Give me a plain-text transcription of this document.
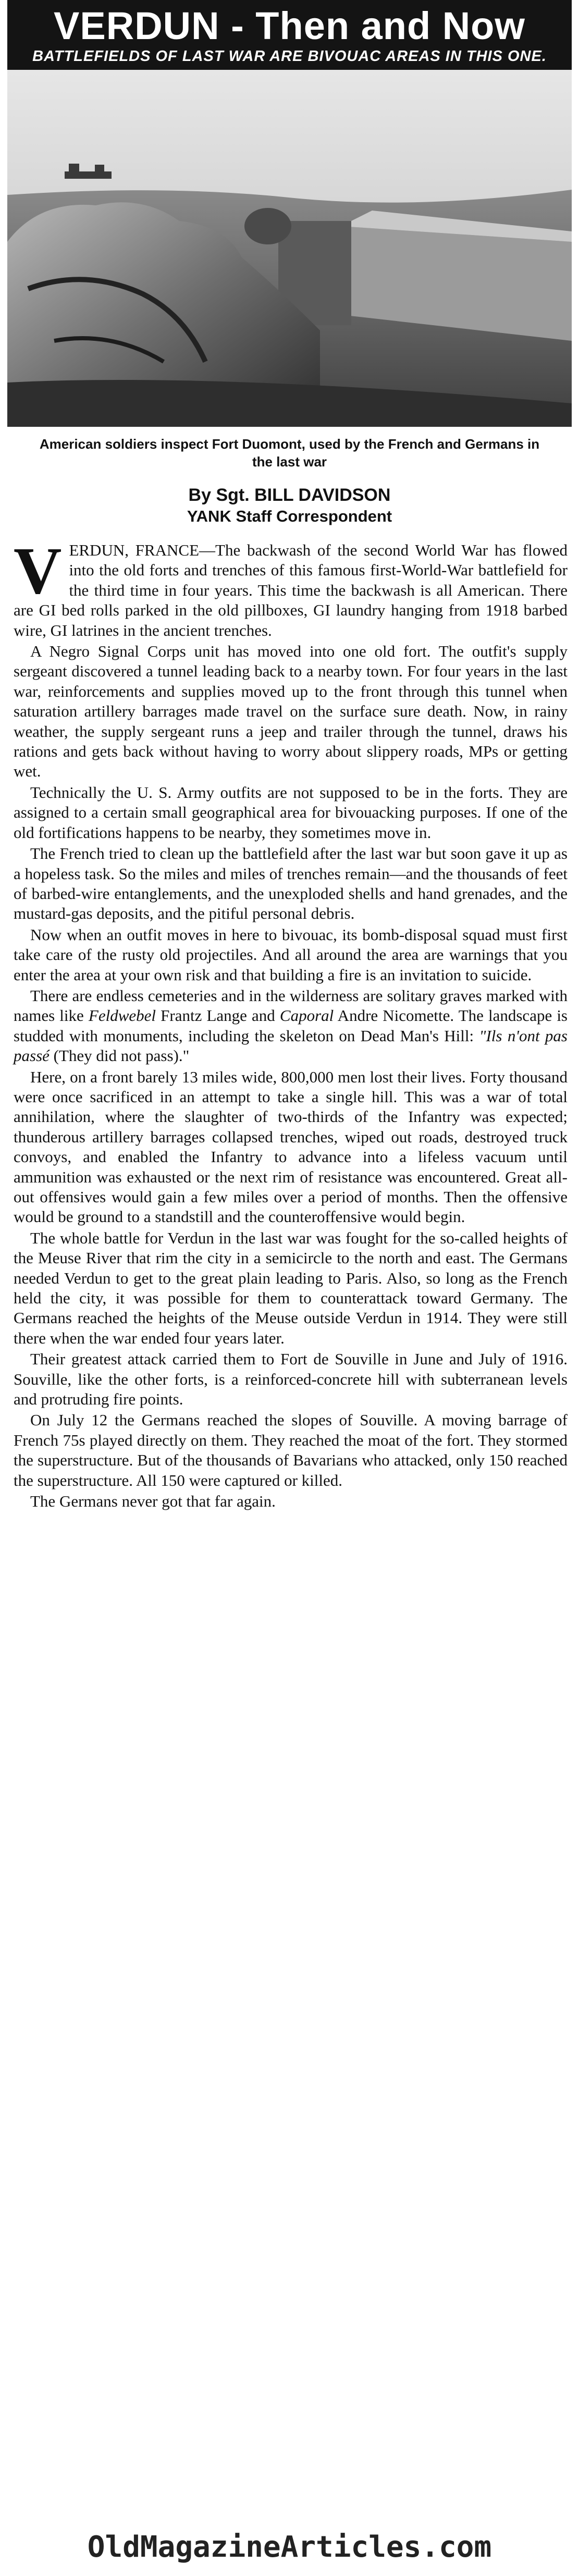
VERDUN - Then and Now
BATTLEFIELDS OF LAST WAR ARE BIVOUAC AREAS IN THIS ONE.
American soldiers inspect Fort Duomont, used by the French and Germans in the last war
By Sgt. BILL DAVIDSON
YANK Staff Correspondent

VERDUN, FRANCE—The backwash of the second World War has flowed into the old forts and trenches of this famous first-World-War battlefield for the third time in four years. This time the backwash is all American. There are GI bed rolls parked in the old pillboxes, GI laundry hanging from 1918 barbed wire, GI latrines in the ancient trenches.

A Negro Signal Corps unit has moved into one old fort. The outfit's supply sergeant discovered a tunnel leading back to a nearby town. For four years in the last war, reinforcements and supplies moved up to the front through this tunnel when saturation artillery barrages made travel on the surface sure death. Now, in rainy weather, the supply sergeant runs a jeep and trailer through the tunnel, draws his rations and gets back without having to worry about slippery roads, MPs or getting wet.

Technically the U. S. Army outfits are not supposed to be in the forts. They are assigned to a certain small geographical area for bivouacking purposes. If one of the old fortifications happens to be nearby, they sometimes move in.

The French tried to clean up the battlefield after the last war but soon gave it up as a hopeless task. So the miles and miles of trenches remain—and the thousands of feet of barbed-wire entanglements, and the unexploded shells and hand grenades, and the mustard-gas deposits, and the pitiful personal debris.

Now when an outfit moves in here to bivouac, its bomb-disposal squad must first take care of the rusty old projectiles. And all around the area are warnings that you enter the area at your own risk and that building a fire is an invitation to suicide.

There are endless cemeteries and in the wilderness are solitary graves marked with names like Feldwebel Frantz Lange and Caporal Andre Nicomette. The landscape is studded with monuments, including the skeleton on Dead Man's Hill: "Ils n'ont pas passé (They did not pass)."

Here, on a front barely 13 miles wide, 800,000 men lost their lives. Forty thousand were once sacrificed in an attempt to take a single hill. This was a war of total annihilation, where the slaughter of two-thirds of the Infantry was expected; thunderous artillery barrages collapsed trenches, wiped out roads, destroyed truck convoys, and enabled the Infantry to advance into a lifeless vacuum until ammunition was exhausted or the next rim of resistance was encountered. Great all-out offensives would gain a few miles over a period of months. Then the offensive would be ground to a standstill and the counteroffensive would begin.

The whole battle for Verdun in the last war was fought for the so-called heights of the Meuse River that rim the city in a semicircle to the north and east. The Germans needed Verdun to get to the great plain leading to Paris. Also, so long as the French held the city, it was possible for them to counterattack toward Germany. The Germans reached the heights of the Meuse outside Verdun in 1914. They were still there when the war ended four years later.

Their greatest attack carried them to Fort de Souville in June and July of 1916. Souville, like the other forts, is a reinforced-concrete hill with subterranean levels and protruding fire points.

On July 12 the Germans reached the slopes of Souville. A moving barrage of French 75s played directly on them. They reached the moat of the fort. They stormed the superstructure. But of the thousands of Bavarians who attacked, only 150 reached the superstructure. All 150 were captured or killed.

The Germans never got that far again.

OldMagazineArticles.com
